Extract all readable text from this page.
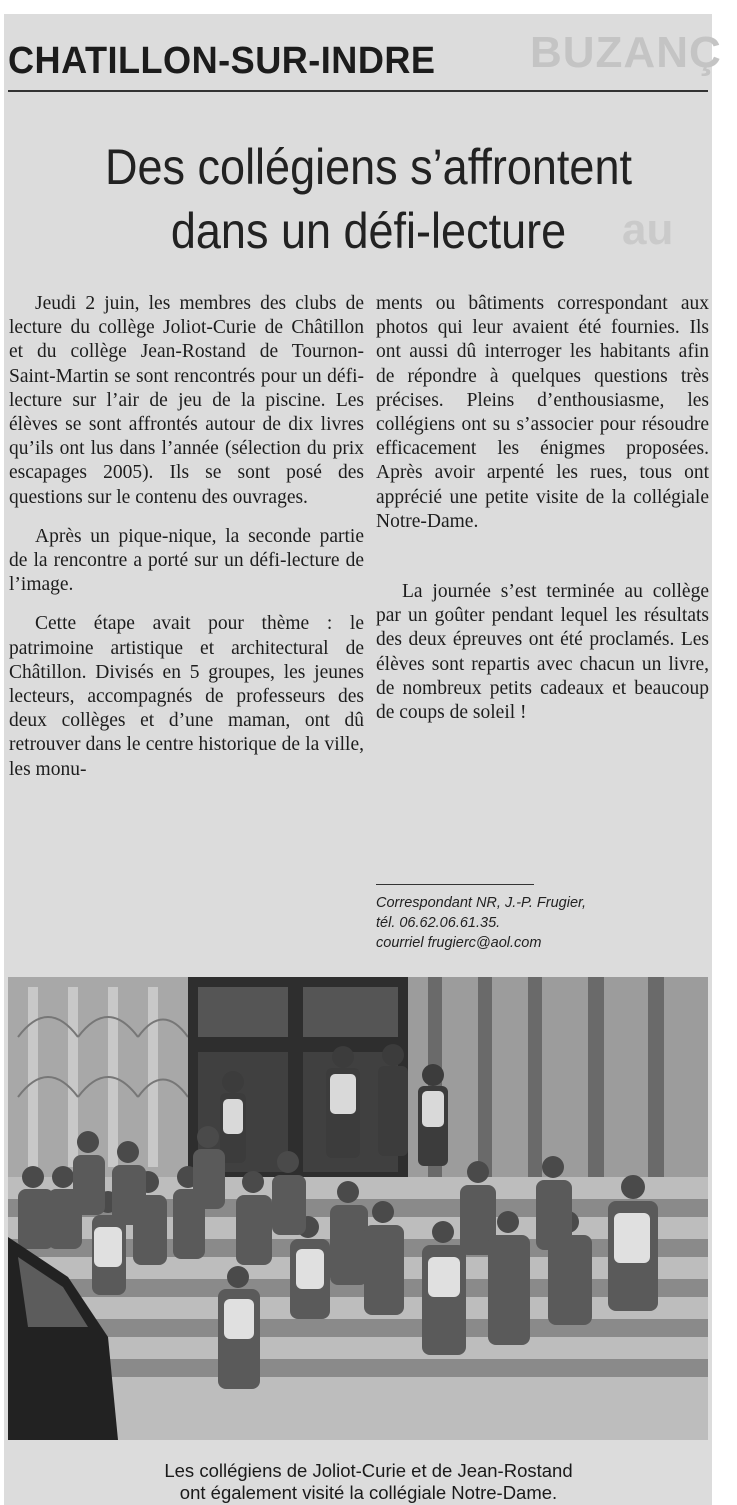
BUZANÇ
au
CHATILLON-SUR-INDRE
Des collégiens s’affrontent
dans un défi-lecture

Jeudi 2 juin, les membres des clubs de lecture du collège Joliot-Curie de Châtillon et du collège Jean-Rostand de Tournon-Saint-Martin se sont rencontrés pour un défi-lecture sur l’air de jeu de la piscine. Les élèves se sont affrontés autour de dix livres qu’ils ont lus dans l’année (sélection du prix escapages 2005). Ils se sont posé des questions sur le contenu des ouvrages.

Après un pique-nique, la seconde partie de la rencontre a porté sur un défi-lecture de l’image.

Cette étape avait pour thème : le patrimoine artistique et architectural de Châtillon. Divisés en 5 groupes, les jeunes lecteurs, accompagnés de professeurs des deux collèges et d’une maman, ont dû retrouver dans le centre historique de la ville, les monu-

ments ou bâtiments correspondant aux photos qui leur avaient été fournies. Ils ont aussi dû interroger les habitants afin de répondre à quelques questions très précises. Pleins d’enthousiasme, les collégiens ont su s’associer pour résoudre efficacement les énigmes proposées. Après avoir arpenté les rues, tous ont apprécié une petite visite de la collégiale Notre-Dame.

La journée s’est terminée au collège par un goûter pendant lequel les résultats des deux épreuves ont été proclamés. Les élèves sont repartis avec chacun un livre, de nombreux petits cadeaux et beaucoup de coups de soleil !

Correspondant NR, J.-P. Frugier,
tél. 06.62.06.61.35.
courriel frugierc@aol.com
Les collégiens de Joliot-Curie et de Jean-Rostand
ont également visité la collégiale Notre-Dame.
